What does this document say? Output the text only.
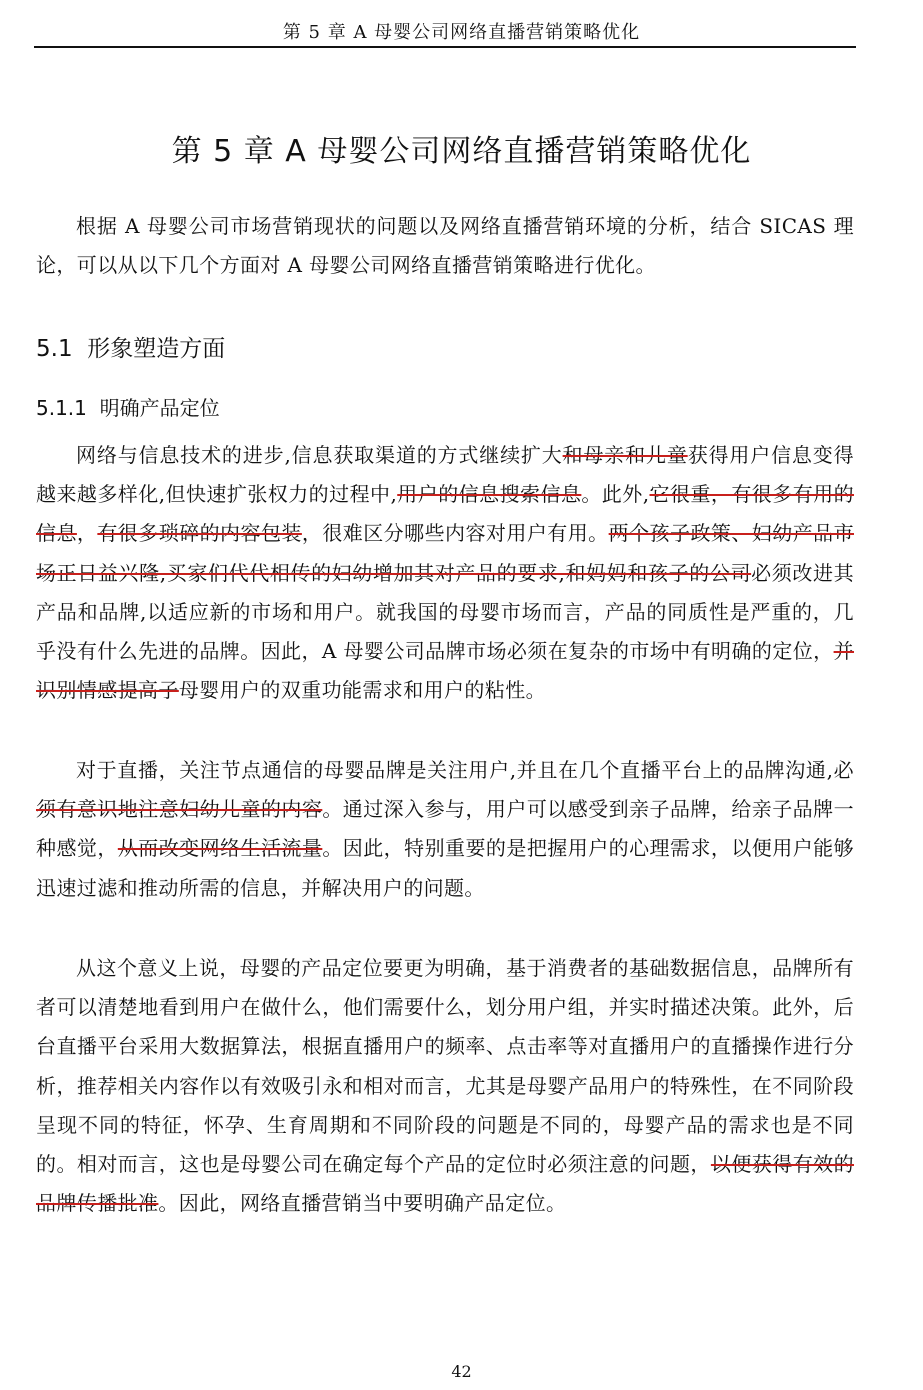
第 5 章 A 母婴公司网络直播营销策略优化
第 5 章 A 母婴公司网络直播营销策略优化

根据 A 母婴公司市场营销现状的问题以及网络直播营销环境的分析，结合 SICAS 理论，可以从以下几个方面对 A 母婴公司网络直播营销策略进行优化。

5.1 形象塑造方面
5.1.1 明确产品定位

网络与信息技术的进步,信息获取渠道的方式继续扩大和母亲和儿童获得用户信息变得越来越多样化,但快速扩张权力的过程中,用户的信息搜索信息。此外,它很重，有很多有用的信息，有很多琐碎的内容包装，很难区分哪些内容对用户有用。两个孩子政策、妇幼产品市场正日益兴隆,买家们代代相传的妇幼增加其对产品的要求,和妈妈和孩子的公司必须改进其产品和品牌,以适应新的市场和用户。就我国的母婴市场而言，产品的同质性是严重的，几乎没有什么先进的品牌。因此，A 母婴公司品牌市场必须在复杂的市场中有明确的定位，并识别情感提高子母婴用户的双重功能需求和用户的粘性。

对于直播，关注节点通信的母婴品牌是关注用户,并且在几个直播平台上的品牌沟通,必须有意识地注意妇幼儿童的内容。通过深入参与，用户可以感受到亲子品牌，给亲子品牌一种感觉，从而改变网络生活流量。因此，特别重要的是把握用户的心理需求，以便用户能够迅速过滤和推动所需的信息，并解决用户的问题。

从这个意义上说，母婴的产品定位要更为明确，基于消费者的基础数据信息，品牌所有者可以清楚地看到用户在做什么，他们需要什么，划分用户组，并实时描述决策。此外，后台直播平台采用大数据算法，根据直播用户的频率、点击率等对直播用户的直播操作进行分析，推荐相关内容作以有效吸引永和相对而言，尤其是母婴产品用户的特殊性，在不同阶段呈现不同的特征，怀孕、生育周期和不同阶段的问题是不同的，母婴产品的需求也是不同的。相对而言，这也是母婴公司在确定每个产品的定位时必须注意的问题，以便获得有效的品牌传播批准。因此，网络直播营销当中要明确产品定位。

42
